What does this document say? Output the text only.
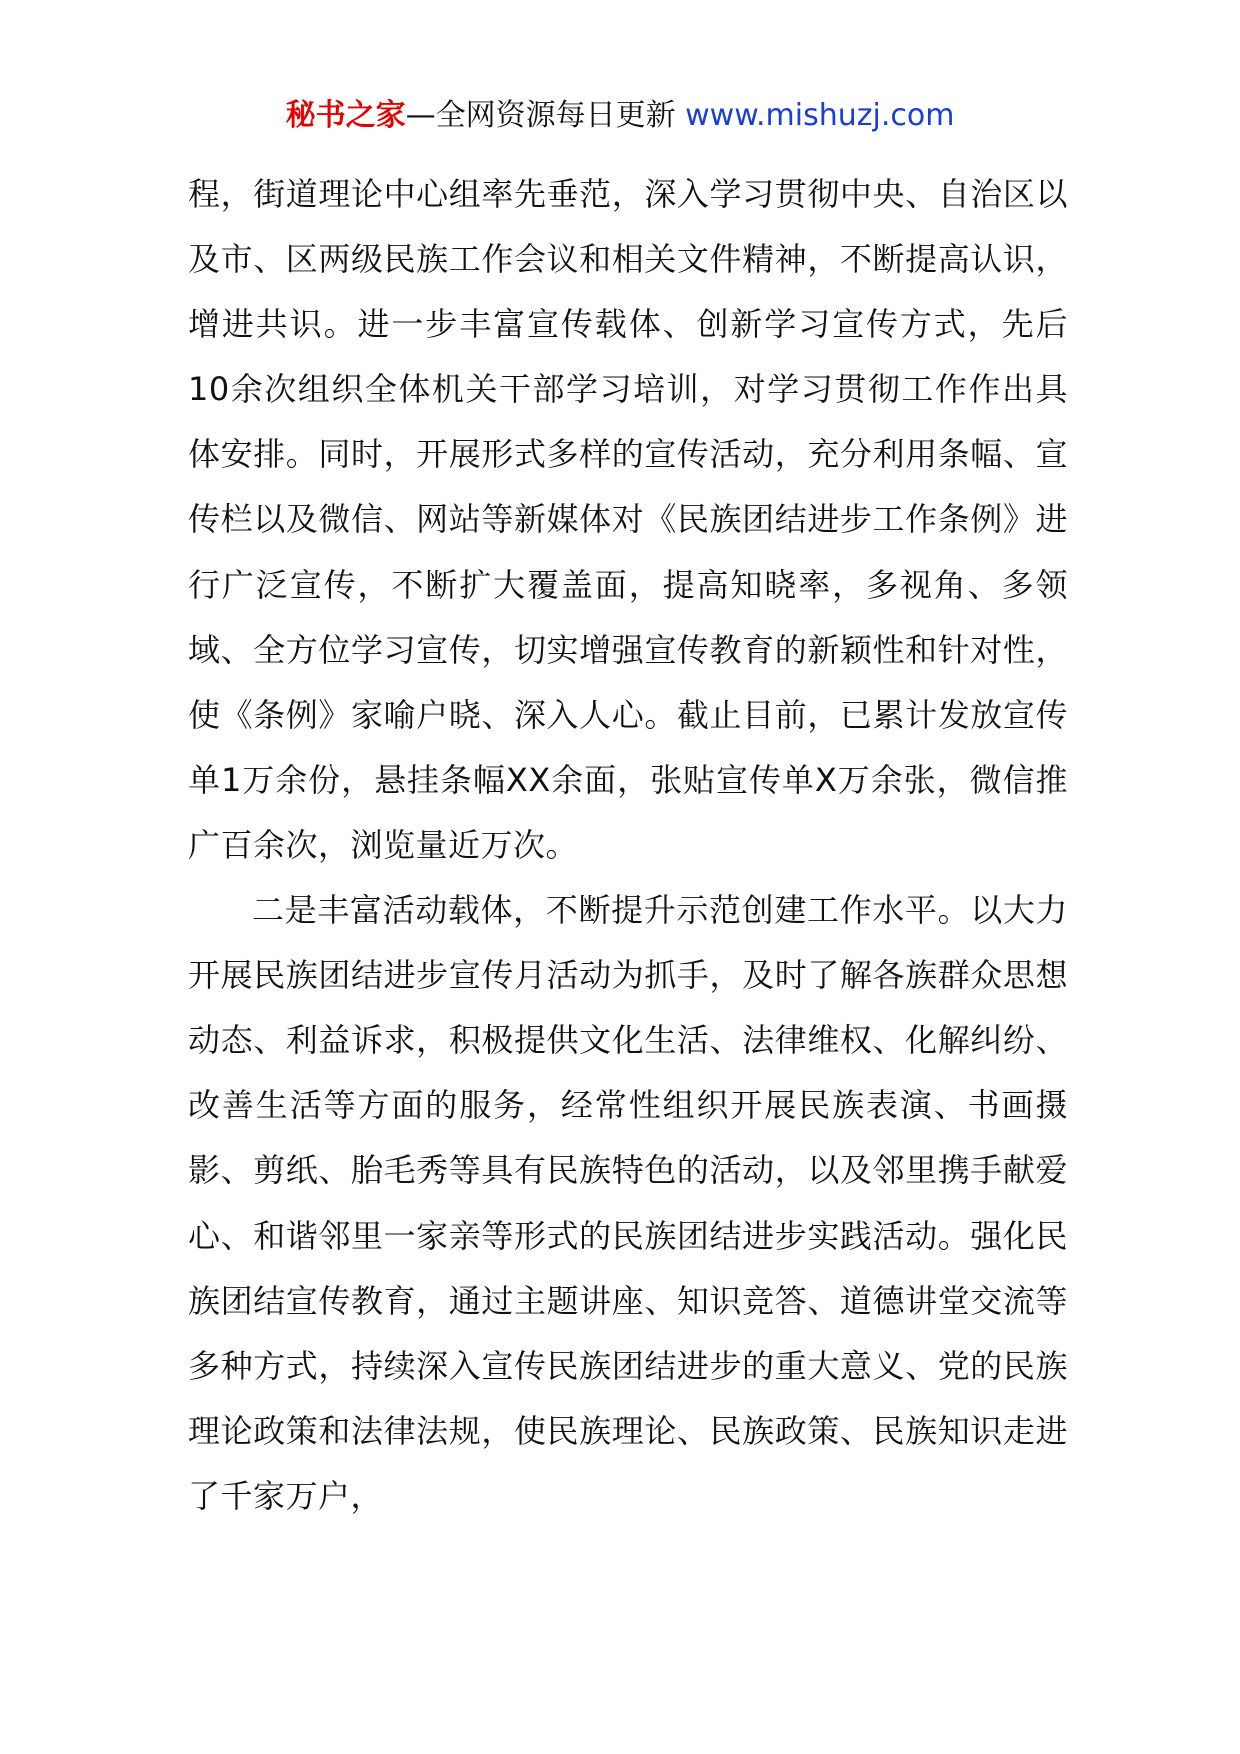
秘书之家—全网资源每日更新 www.mishuzj.com

程，街道理论中心组率先垂范，深入学习贯彻中央、自治区以及市、区两级民族工作会议和相关文件精神，不断提高认识，增进共识。进一步丰富宣传载体、创新学习宣传方式，先后10余次组织全体机关干部学习培训，对学习贯彻工作作出具体安排。同时，开展形式多样的宣传活动，充分利用条幅、宣传栏以及微信、网站等新媒体对《民族团结进步工作条例》进行广泛宣传，不断扩大覆盖面，提高知晓率，多视角、多领域、全方位学习宣传，切实增强宣传教育的新颖性和针对性，使《条例》家喻户晓、深入人心。截止目前，已累计发放宣传单1万余份，悬挂条幅XX余面，张贴宣传单X万余张，微信推广百余次，浏览量近万次。

二是丰富活动载体，不断提升示范创建工作水平。以大力开展民族团结进步宣传月活动为抓手，及时了解各族群众思想动态、利益诉求，积极提供文化生活、法律维权、化解纠纷、改善生活等方面的服务，经常性组织开展民族表演、书画摄影、剪纸、胎毛秀等具有民族特色的活动，以及邻里携手献爱心、和谐邻里一家亲等形式的民族团结进步实践活动。强化民族团结宣传教育，通过主题讲座、知识竞答、道德讲堂交流等多种方式，持续深入宣传民族团结进步的重大意义、党的民族理论政策和法律法规，使民族理论、民族政策、民族知识走进了千家万户，
